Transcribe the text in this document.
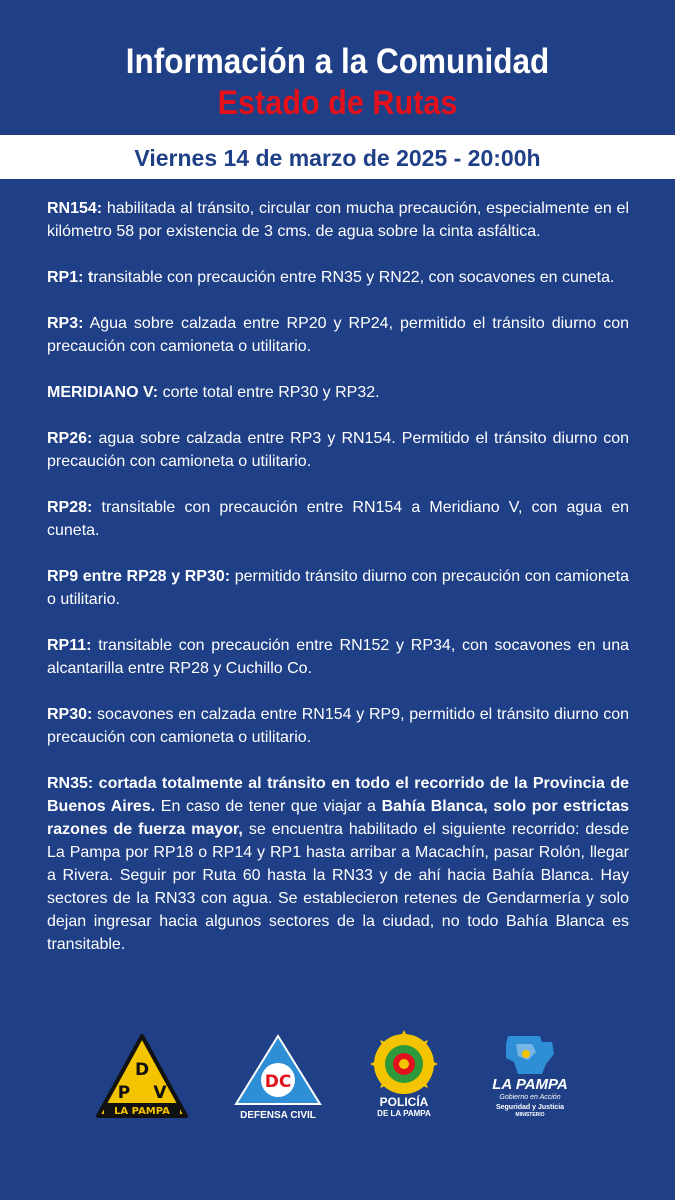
Información a la Comunidad
Estado de Rutas
Viernes 14 de marzo de 2025 - 20:00h

RN154: habilitada al tránsito, circular con mucha precaución, especialmente en el kilómetro 58 por existencia de 3 cms. de agua sobre la cinta asfáltica.

RP1: transitable con precaución entre RN35 y RN22, con socavones en cuneta.

RP3: Agua sobre calzada entre RP20 y RP24, permitido el tránsito diurno con precaución con camioneta o utilitario.

MERIDIANO V: corte total entre RP30 y RP32.

RP26: agua sobre calzada entre RP3 y RN154. Permitido el tránsito diurno con precaución con camioneta o utilitario.

RP28: transitable con precaución entre RN154 a Meridiano V, con agua en cuneta.

RP9 entre RP28 y RP30: permitido tránsito diurno con precaución con camioneta o utilitario.

RP11: transitable con precaución entre RN152 y RP34, con socavones en una alcantarilla entre RP28 y Cuchillo Co.

RP30: socavones en calzada entre RN154 y RP9, permitido el tránsito diurno con precaución con camioneta o utilitario.

RN35: cortada totalmente al tránsito en todo el recorrido de la Provincia de Buenos Aires. En caso de tener que viajar a Bahía Blanca, solo por estrictas razones de fuerza mayor, se encuentra habilitado el siguiente recorrido: desde La Pampa por RP18 o RP14 y RP1 hasta arribar a Macachín, pasar Rolón, llegar a Rivera. Seguir por Ruta 60 hasta la RN33 y de ahí hacia Bahía Blanca. Hay sectores de la RN33 con agua. Se establecieron retenes de Gendarmería y solo dejan ingresar hacia algunos sectores de la ciudad, no todo Bahía Blanca es transitable.

D
P V
LA PAMPA
DC
DEFENSA CIVIL
POLICÍA
DE LA PAMPA
LA PAMPA
Gobierno en Acción
Seguridad y Justicia
MINISTERIO
